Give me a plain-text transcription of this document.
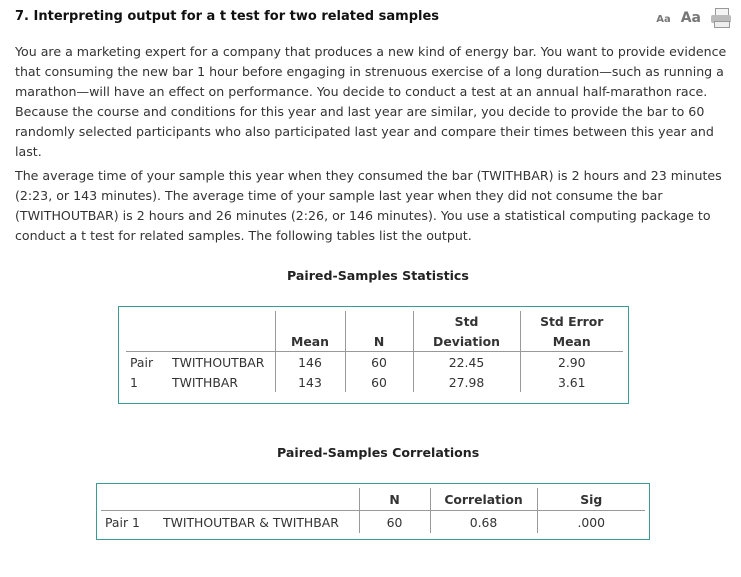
7. Interpreting output for a t test for two related samples	Aa Aa
You are a marketing expert for a company that produces a new kind of energy bar. You want to provide evidence that consuming the new bar 1 hour before engaging in strenuous exercise of a long duration—such as running a marathon—will have an effect on performance. You decide to conduct a test at an annual half-marathon race. Because the course and conditions for this year and last year are similar, you decide to provide the bar to 60 randomly selected participants who also participated last year and compare their times between this year and last.
The average time of your sample this year when they consumed the bar (TWITHBAR) is 2 hours and 23 minutes (2:23, or 143 minutes). The average time of your sample last year when they did not consume the bar (TWITHOUTBAR) is 2 hours and 26 minutes (2:26, or 146 minutes). You use a statistical computing package to conduct a t test for related samples. The following tables list the output.
Paired-Samples Statistics
				Std	Std Error
		Mean	N	Deviation	Mean
Pair	TWITHOUTBAR	146	60	22.45	2.90
1	TWITHBAR	143	60	27.98	3.61
Paired-Samples Correlations
		N	Correlation	Sig
Pair 1	TWITHOUTBAR & TWITHBAR	60	0.68	.000
